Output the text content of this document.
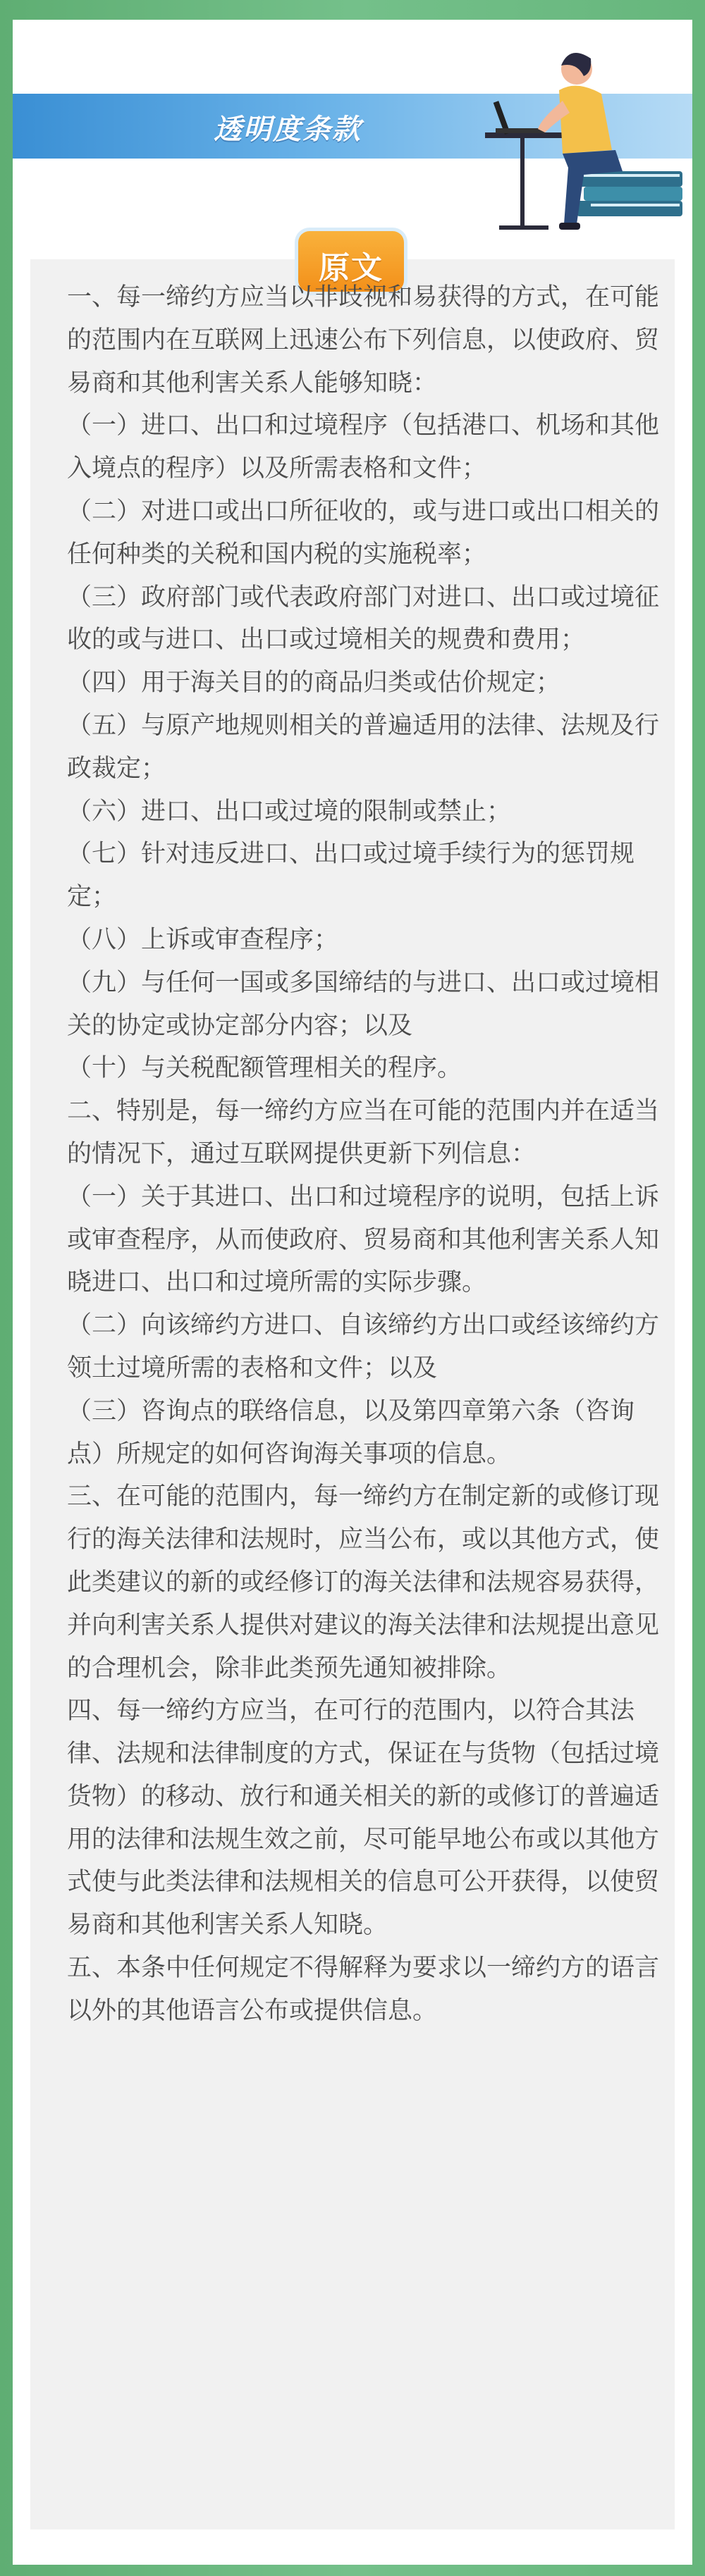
透明度条款
原文

一、每一缔约方应当以非歧视和易获得的方式，在可能的范围内在互联网上迅速公布下列信息，以使政府、贸易商和其他利害关系人能够知晓：

（一）进口、出口和过境程序（包括港口、机场和其他入境点的程序）以及所需表格和文件；

（二）对进口或出口所征收的，或与进口或出口相关的任何种类的关税和国内税的实施税率；

（三）政府部门或代表政府部门对进口、出口或过境征收的或与进口、出口或过境相关的规费和费用；

（四）用于海关目的的商品归类或估价规定；

（五）与原产地规则相关的普遍适用的法律、法规及行政裁定；

（六）进口、出口或过境的限制或禁止；

（七）针对违反进口、出口或过境手续行为的惩罚规定；

（八）上诉或审查程序；

（九）与任何一国或多国缔结的与进口、出口或过境相关的协定或协定部分内容；以及

（十）与关税配额管理相关的程序。

二、特别是，每一缔约方应当在可能的范围内并在适当的情况下，通过互联网提供更新下列信息：

（一）关于其进口、出口和过境程序的说明，包括上诉或审查程序，从而使政府、贸易商和其他利害关系人知晓进口、出口和过境所需的实际步骤。

（二）向该缔约方进口、自该缔约方出口或经该缔约方领土过境所需的表格和文件；以及

（三）咨询点的联络信息，以及第四章第六条（咨询点）所规定的如何咨询海关事项的信息。

三、在可能的范围内，每一缔约方在制定新的或修订现行的海关法律和法规时，应当公布，或以其他方式，使此类建议的新的或经修订的海关法律和法规容易获得，并向利害关系人提供对建议的海关法律和法规提出意见的合理机会，除非此类预先通知被排除。

四、每一缔约方应当，在可行的范围内，以符合其法律、法规和法律制度的方式，保证在与货物（包括过境货物）的移动、放行和通关相关的新的或修订的普遍适用的法律和法规生效之前，尽可能早地公布或以其他方式使与此类法律和法规相关的信息可公开获得，以使贸易商和其他利害关系人知晓。

五、本条中任何规定不得解释为要求以一缔约方的语言以外的其他语言公布或提供信息。
